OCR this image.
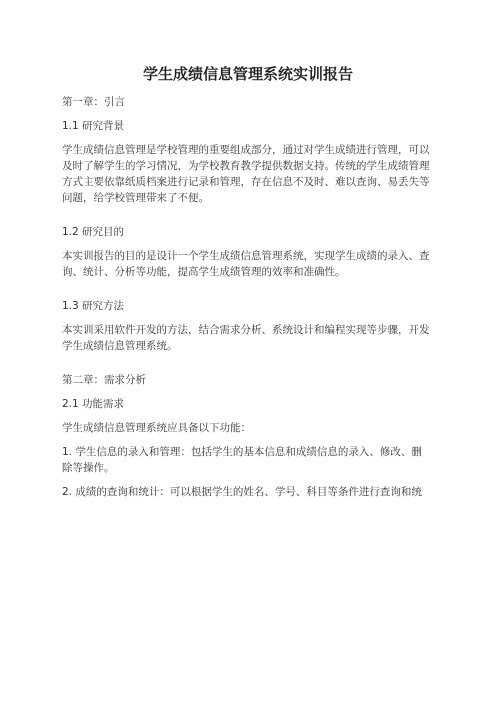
学生成绩信息管理系统实训报告
第一章：引言
1.1 研究背景
学生成绩信息管理是学校管理的重要组成部分，通过对学生成绩进行管理，可以
及时了解学生的学习情况，为学校教育教学提供数据支持。传统的学生成绩管理
方式主要依靠纸质档案进行记录和管理，存在信息不及时、难以查询、易丢失等
问题，给学校管理带来了不便。
1.2 研究目的
本实训报告的目的是设计一个学生成绩信息管理系统，实现学生成绩的录入、查
询、统计、分析等功能，提高学生成绩管理的效率和准确性。
1.3 研究方法
本实训采用软件开发的方法，结合需求分析、系统设计和编程实现等步骤，开发
学生成绩信息管理系统。
第二章：需求分析
2.1 功能需求
学生成绩信息管理系统应具备以下功能：
1. 学生信息的录入和管理：包括学生的基本信息和成绩信息的录入、修改、删
除等操作。
2. 成绩的查询和统计：可以根据学生的姓名、学号、科目等条件进行查询和统
